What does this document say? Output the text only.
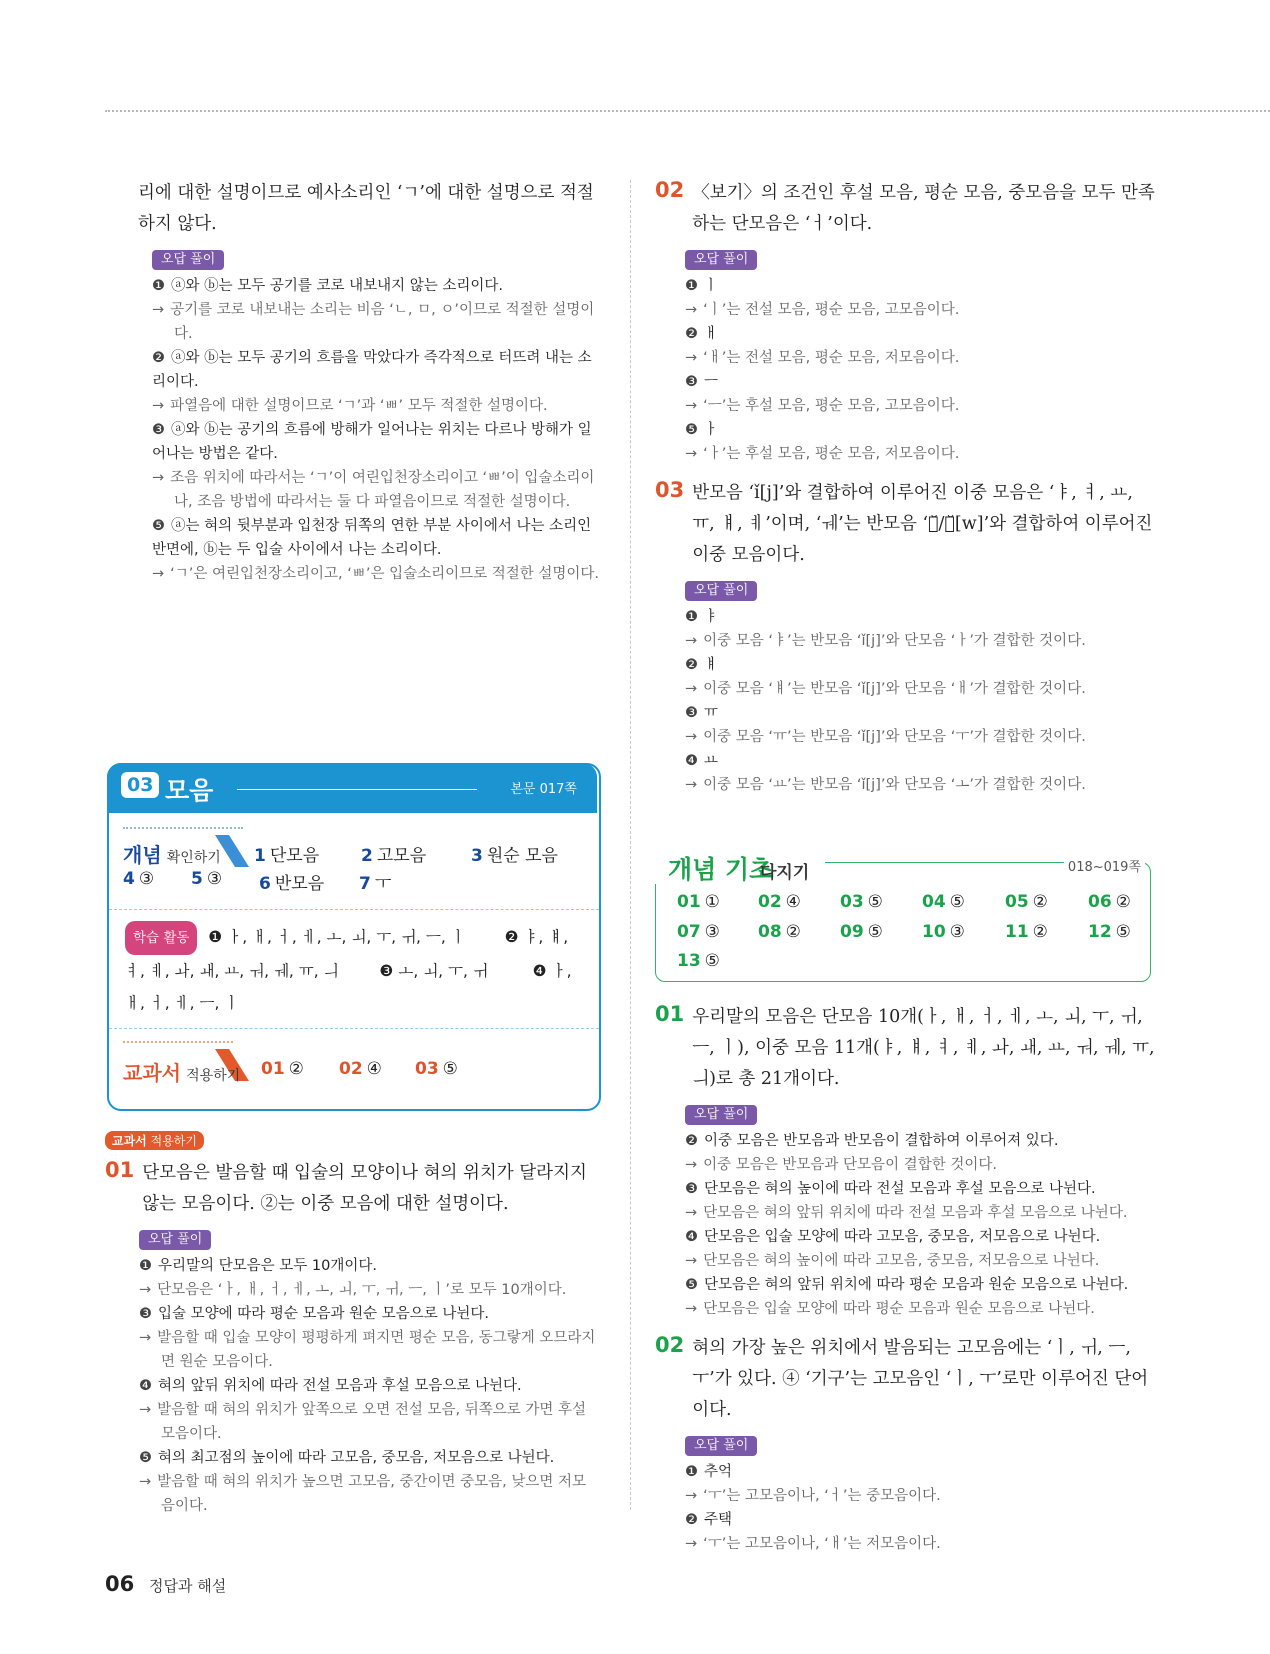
리에 대한 설명이므로 예사소리인 ‘ㄱ’에 대한 설명으로 적절하지 않다.

오답 풀이
❶ ⓐ와 ⓑ는 모두 공기를 코로 내보내지 않는 소리이다.
→ 공기를 코로 내보내는 소리는 비음 ‘ㄴ, ㅁ, ㅇ’이므로 적절한 설명이다.
❷ ⓐ와 ⓑ는 모두 공기의 흐름을 막았다가 즉각적으로 터뜨려 내는 소리이다.
→ 파열음에 대한 설명이므로 ‘ㄱ’과 ‘ㅃ’ 모두 적절한 설명이다.
❸ ⓐ와 ⓑ는 공기의 흐름에 방해가 일어나는 위치는 다르나 방해가 일어나는 방법은 같다.
→ 조음 위치에 따라서는 ‘ㄱ’이 여린입천장소리이고 ‘ㅃ’이 입술소리이나, 조음 방법에 따라서는 둘 다 파열음이므로 적절한 설명이다.
❺ ⓐ는 혀의 뒷부분과 입천장 뒤쪽의 연한 부분 사이에서 나는 소리인 반면에, ⓑ는 두 입술 사이에서 나는 소리이다.
→ ‘ㄱ’은 여린입천장소리이고, ‘ㅃ’은 입술소리이므로 적절한 설명이다.
03 모음	본문 017쪽
개념 확인하기 1 단모음 2 고모음	3 원순 모음
4 ③ 5 ③ 6 반모음 7 ㅜ
학습 활동 ❶ ㅏ, ㅐ, ㅓ, ㅔ, ㅗ, ㅚ, ㅜ, ㅟ, ㅡ, ㅣ	❷ ㅑ, ㅒ, ㅕ, ㅖ, ㅘ, ㅙ, ㅛ, ㅝ, ㅞ, ㅠ, ㅢ	❸ ㅗ, ㅚ, ㅜ, ㅟ	❹ ㅏ, ㅐ, ㅓ, ㅔ, ㅡ, ㅣ
교과서 적용하기 01 ② 02 ④ 03 ⑤
교과서 적용하기
01 단모음은 발음할 때 입술의 모양이나 혀의 위치가 달라지지 않는 모음이다. ②는 이중 모음에 대한 설명이다.

오답 풀이
❶ 우리말의 단모음은 모두 10개이다.
→ 단모음은 ‘ㅏ, ㅐ, ㅓ, ㅔ, ㅗ, ㅚ, ㅜ, ㅟ, ㅡ, ㅣ’로 모두 10개이다.
❸ 입술 모양에 따라 평순 모음과 원순 모음으로 나뉜다.
→ 발음할 때 입술 모양이 평평하게 펴지면 평순 모음, 동그랗게 오므라지면 원순 모음이다.
❹ 혀의 앞뒤 위치에 따라 전설 모음과 후설 모음으로 나뉜다.
→ 발음할 때 혀의 위치가 앞쪽으로 오면 전설 모음, 뒤쪽으로 가면 후설 모음이다.
❺ 혀의 최고점의 높이에 따라 고모음, 중모음, 저모음으로 나뉜다.
→ 발음할 때 혀의 위치가 높으면 고모음, 중간이면 중모음, 낮으면 저모음이다.
02 〈보기〉의 조건인 후설 모음, 평순 모음, 중모음을 모두 만족하는 단모음은 ‘ㅓ’이다.

오답 풀이
❶ ㅣ
→ ‘ㅣ’는 전설 모음, 평순 모음, 고모음이다.
❷ ㅐ
→ ‘ㅐ’는 전설 모음, 평순 모음, 저모음이다.
❸ ㅡ
→ ‘ㅡ’는 후설 모음, 평순 모음, 고모음이다.
❺ ㅏ
→ ‘ㅏ’는 후설 모음, 평순 모음, 저모음이다.
03 반모음 ‘ǐ[j]’와 결합하여 이루어진 이중 모음은 ‘ㅑ, ㅕ, ㅛ, ㅠ, ㅒ, ㅖ’이며, ‘ㅞ’는 반모음 ‘ㅗ̆/ㅜ̆[w]’와 결합하여 이루어진 이중 모음이다.

오답 풀이
❶ ㅑ
→ 이중 모음 ‘ㅑ’는 반모음 ‘ǐ[j]’와 단모음 ‘ㅏ’가 결합한 것이다.
❷ ㅒ
→ 이중 모음 ‘ㅒ’는 반모음 ‘ǐ[j]’와 단모음 ‘ㅐ’가 결합한 것이다.
❸ ㅠ
→ 이중 모음 ‘ㅠ’는 반모음 ‘ǐ[j]’와 단모음 ‘ㅜ’가 결합한 것이다.
❹ ㅛ
→ 이중 모음 ‘ㅛ’는 반모음 ‘ǐ[j]’와 단모음 ‘ㅗ’가 결합한 것이다.
개념 기초
다지기	018~019쪽
01 ① 02 ④ 03 ⑤ 04 ⑤ 05 ② 06 ②
07 ③ 08 ② 09 ⑤ 10 ③ 11 ② 12 ⑤
13 ⑤
01 우리말의 모음은 단모음 10개(ㅏ, ㅐ, ㅓ, ㅔ, ㅗ, ㅚ, ㅜ, ㅟ, ㅡ, ㅣ), 이중 모음 11개(ㅑ, ㅒ, ㅕ, ㅖ, ㅘ, ㅙ, ㅛ, ㅝ, ㅞ, ㅠ, ㅢ)로 총 21개이다.

오답 풀이
❷ 이중 모음은 반모음과 반모음이 결합하여 이루어져 있다.
→ 이중 모음은 반모음과 단모음이 결합한 것이다.
❸ 단모음은 혀의 높이에 따라 전설 모음과 후설 모음으로 나뉜다.
→ 단모음은 혀의 앞뒤 위치에 따라 전설 모음과 후설 모음으로 나뉜다.
❹ 단모음은 입술 모양에 따라 고모음, 중모음, 저모음으로 나뉜다.
→ 단모음은 혀의 높이에 따라 고모음, 중모음, 저모음으로 나뉜다.
❺ 단모음은 혀의 앞뒤 위치에 따라 평순 모음과 원순 모음으로 나뉜다.
→ 단모음은 입술 모양에 따라 평순 모음과 원순 모음으로 나뉜다.
02 혀의 가장 높은 위치에서 발음되는 고모음에는 ‘ㅣ, ㅟ, ㅡ, ㅜ’가 있다. ④ ‘기구’는 고모음인 ‘ㅣ, ㅜ’로만 이루어진 단어이다.

오답 풀이
❶ 추억
→ ‘ㅜ’는 고모음이나, ‘ㅓ’는 중모음이다.
❷ 주택
→ ‘ㅜ’는 고모음이나, ‘ㅐ’는 저모음이다.
06 정답과 해설
